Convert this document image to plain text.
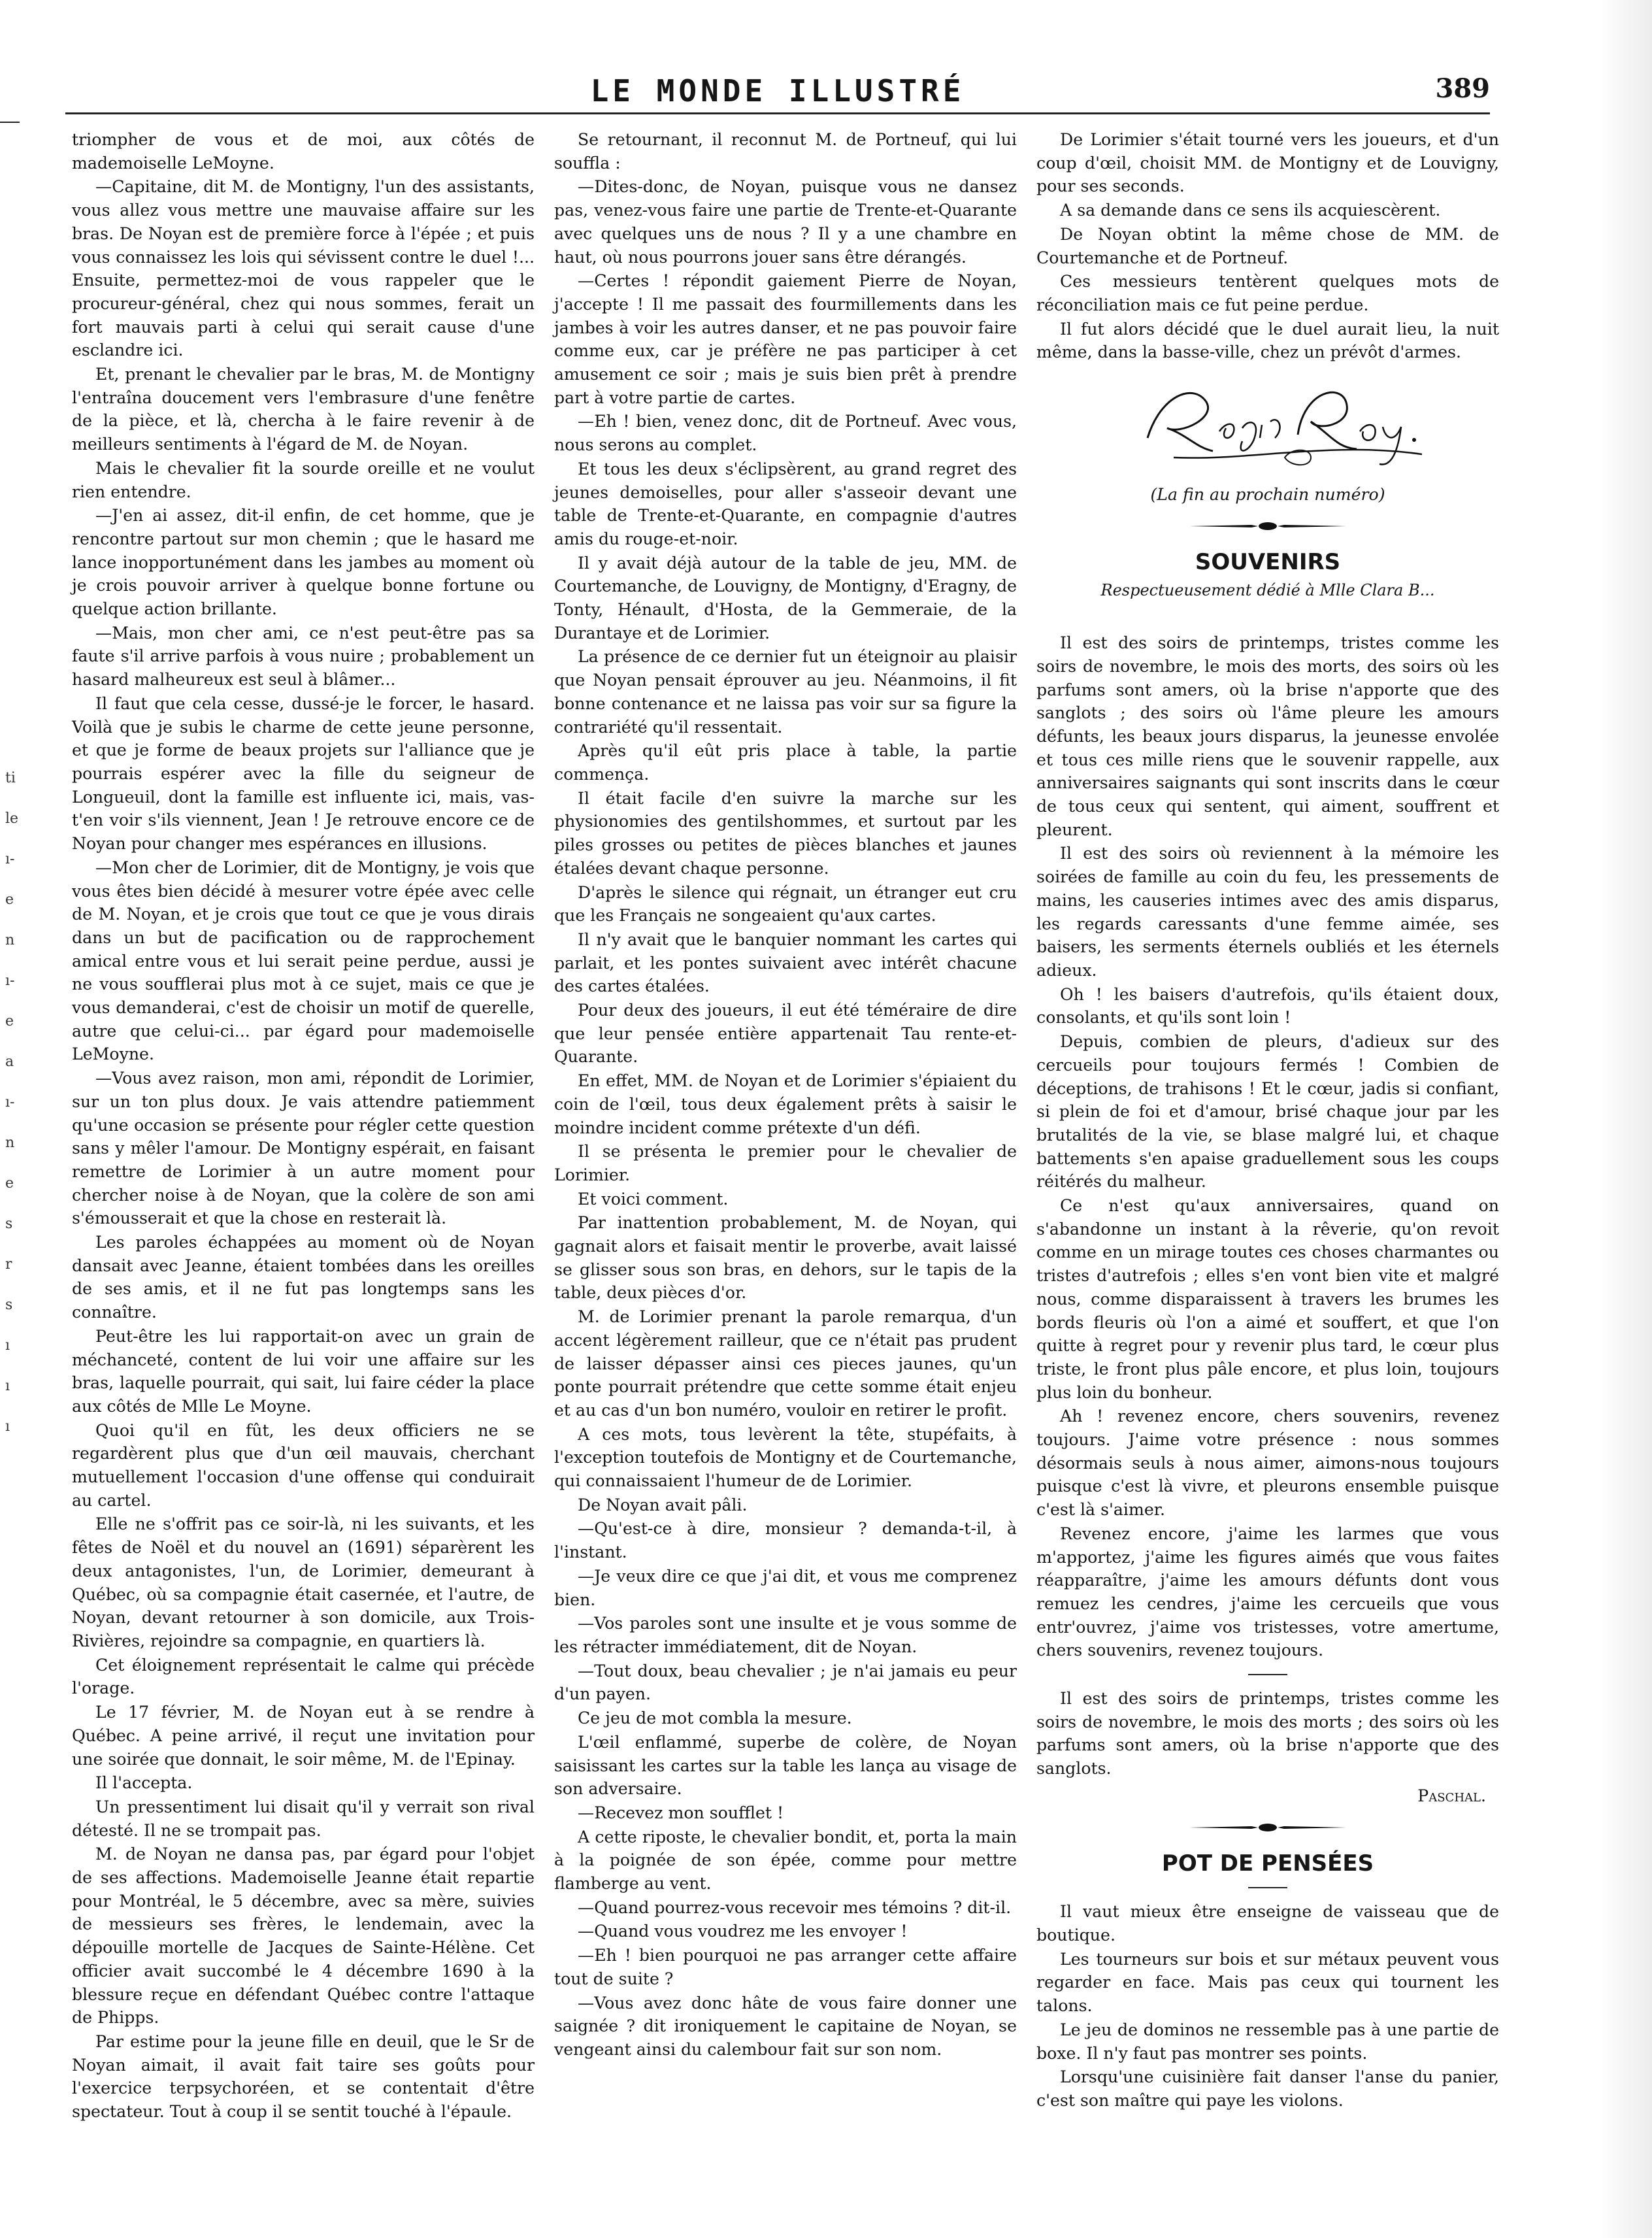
LE MONDE ILLUSTRÉ	389
ti
le
ı-
e
n
ı-
e
a
ı-
n
e
s
r
s
ı
ı
ı

triompher de vous et de moi, aux côtés de mademoiselle LeMoyne.

—Capitaine, dit M. de Montigny, l'un des assistants, vous allez vous mettre une mauvaise affaire sur les bras. De Noyan est de première force à l'épée ; et puis vous connaissez les lois qui sévissent contre le duel !... Ensuite, permettez-moi de vous rappeler que le procureur-général, chez qui nous sommes, ferait un fort mauvais parti à celui qui serait cause d'une esclandre ici.

Et, prenant le chevalier par le bras, M. de Montigny l'entraîna doucement vers l'embrasure d'une fenêtre de la pièce, et là, chercha à le faire revenir à de meilleurs sentiments à l'égard de M. de Noyan.

Mais le chevalier fit la sourde oreille et ne voulut rien entendre.

—J'en ai assez, dit-il enfin, de cet homme, que je rencontre partout sur mon chemin ; que le hasard me lance inopportunément dans les jambes au moment où je crois pouvoir arriver à quelque bonne fortune ou quelque action brillante.

—Mais, mon cher ami, ce n'est peut-être pas sa faute s'il arrive parfois à vous nuire ; probablement un hasard malheureux est seul à blâmer...

Il faut que cela cesse, dussé-je le forcer, le hasard. Voilà que je subis le charme de cette jeune personne, et que je forme de beaux projets sur l'alliance que je pourrais espérer avec la fille du seigneur de Longueuil, dont la famille est influente ici, mais, vas-t'en voir s'ils viennent, Jean ! Je retrouve encore ce de Noyan pour changer mes espérances en illusions.

—Mon cher de Lorimier, dit de Montigny, je vois que vous êtes bien décidé à mesurer votre épée avec celle de M. Noyan, et je crois que tout ce que je vous dirais dans un but de pacification ou de rapprochement amical entre vous et lui serait peine perdue, aussi je ne vous soufflerai plus mot à ce sujet, mais ce que je vous demanderai, c'est de choisir un motif de querelle, autre que celui-ci... par égard pour mademoiselle LeMoyne.

—Vous avez raison, mon ami, répondit de Lorimier, sur un ton plus doux. Je vais attendre patiemment qu'une occasion se présente pour régler cette question sans y mêler l'amour. De Montigny espérait, en faisant remettre de Lorimier à un autre moment pour chercher noise à de Noyan, que la colère de son ami s'émousserait et que la chose en resterait là.

Les paroles échappées au moment où de Noyan dansait avec Jeanne, étaient tombées dans les oreilles de ses amis, et il ne fut pas longtemps sans les connaître.

Peut-être les lui rapportait-on avec un grain de méchanceté, content de lui voir une affaire sur les bras, laquelle pourrait, qui sait, lui faire céder la place aux côtés de Mlle Le Moyne.

Quoi qu'il en fût, les deux officiers ne se regardèrent plus que d'un œil mauvais, cherchant mutuellement l'occasion d'une offense qui conduirait au cartel.

Elle ne s'offrit pas ce soir-là, ni les suivants, et les fêtes de Noël et du nouvel an (1691) séparèrent les deux antagonistes, l'un, de Lorimier, demeurant à Québec, où sa compagnie était casernée, et l'autre, de Noyan, devant retourner à son domicile, aux Trois-Rivières, rejoindre sa compagnie, en quartiers là.

Cet éloignement représentait le calme qui précède l'orage.

Le 17 février, M. de Noyan eut à se rendre à Québec. A peine arrivé, il reçut une invitation pour une soirée que donnait, le soir même, M. de l'Epinay.

Il l'accepta.

Un pressentiment lui disait qu'il y verrait son rival détesté. Il ne se trompait pas.

M. de Noyan ne dansa pas, par égard pour l'objet de ses affections. Mademoiselle Jeanne était repartie pour Montréal, le 5 décembre, avec sa mère, suivies de messieurs ses frères, le lendemain, avec la dépouille mortelle de Jacques de Sainte-Hélène. Cet officier avait succombé le 4 décembre 1690 à la blessure reçue en défendant Québec contre l'attaque de Phipps.

Par estime pour la jeune fille en deuil, que le Sr de Noyan aimait, il avait fait taire ses goûts pour l'exercice terpsychoréen, et se contentait d'être spectateur. Tout à coup il se sentit touché à l'épaule.

Se retournant, il reconnut M. de Portneuf, qui lui souffla :

—Dites-donc, de Noyan, puisque vous ne dansez pas, venez-vous faire une partie de Trente-et-Quarante avec quelques uns de nous ? Il y a une chambre en haut, où nous pourrons jouer sans être dérangés.

—Certes ! répondit gaiement Pierre de Noyan, j'accepte ! Il me passait des fourmillements dans les jambes à voir les autres danser, et ne pas pouvoir faire comme eux, car je préfère ne pas participer à cet amusement ce soir ; mais je suis bien prêt à prendre part à votre partie de cartes.

—Eh ! bien, venez donc, dit de Portneuf. Avec vous, nous serons au complet.

Et tous les deux s'éclipsèrent, au grand regret des jeunes demoiselles, pour aller s'asseoir devant une table de Trente-et-Quarante, en compagnie d'autres amis du rouge-et-noir.

Il y avait déjà autour de la table de jeu, MM. de Courtemanche, de Louvigny, de Montigny, d'Eragny, de Tonty, Hénault, d'Hosta, de la Gemmeraie, de la Durantaye et de Lorimier.

La présence de ce dernier fut un éteignoir au plaisir que Noyan pensait éprouver au jeu. Néanmoins, il fit bonne contenance et ne laissa pas voir sur sa figure la contrariété qu'il ressentait.

Après qu'il eût pris place à table, la partie commença.

Il était facile d'en suivre la marche sur les physionomies des gentilshommes, et surtout par les piles grosses ou petites de pièces blanches et jaunes étalées devant chaque personne.

D'après le silence qui régnait, un étranger eut cru que les Français ne songeaient qu'aux cartes.

Il n'y avait que le banquier nommant les cartes qui parlait, et les pontes suivaient avec intérêt chacune des cartes étalées.

Pour deux des joueurs, il eut été téméraire de dire que leur pensée entière appartenait Tau rente-et-Quarante.

En effet, MM. de Noyan et de Lorimier s'épiaient du coin de l'œil, tous deux également prêts à saisir le moindre incident comme prétexte d'un défi.

Il se présenta le premier pour le chevalier de Lorimier.

Et voici comment.

Par inattention probablement, M. de Noyan, qui gagnait alors et faisait mentir le proverbe, avait laissé se glisser sous son bras, en dehors, sur le tapis de la table, deux pièces d'or.

M. de Lorimier prenant la parole remarqua, d'un accent légèrement railleur, que ce n'était pas prudent de laisser dépasser ainsi ces pieces jaunes, qu'un ponte pourrait prétendre que cette somme était enjeu et au cas d'un bon numéro, vouloir en retirer le profit.

A ces mots, tous levèrent la tête, stupéfaits, à l'exception toutefois de Montigny et de Courtemanche, qui connaissaient l'humeur de de Lorimier.

De Noyan avait pâli.

—Qu'est-ce à dire, monsieur ? demanda-t-il, à l'instant.

—Je veux dire ce que j'ai dit, et vous me comprenez bien.

—Vos paroles sont une insulte et je vous somme de les rétracter immédiatement, dit de Noyan.

—Tout doux, beau chevalier ; je n'ai jamais eu peur d'un payen.

Ce jeu de mot combla la mesure.

L'œil enflammé, superbe de colère, de Noyan saisissant les cartes sur la table les lança au visage de son adversaire.

—Recevez mon soufflet !

A cette riposte, le chevalier bondit, et, porta la main à la poignée de son épée, comme pour mettre flamberge au vent.

—Quand pourrez-vous recevoir mes témoins ? dit-il.

—Quand vous voudrez me les envoyer !

—Eh ! bien pourquoi ne pas arranger cette affaire tout de suite ?

—Vous avez donc hâte de vous faire donner une saignée ? dit ironiquement le capitaine de Noyan, se vengeant ainsi du calembour fait sur son nom.

De Lorimier s'était tourné vers les joueurs, et d'un coup d'œil, choisit MM. de Montigny et de Louvigny, pour ses seconds.

A sa demande dans ce sens ils acquiescèrent.

De Noyan obtint la même chose de MM. de Courtemanche et de Portneuf.

Ces messieurs tentèrent quelques mots de réconciliation mais ce fut peine perdue.

Il fut alors décidé que le duel aurait lieu, la nuit même, dans la basse-ville, chez un prévôt d'armes.

(La fin au prochain numéro)

SOUVENIRS
Respectueusement dédié à Mlle Clara B...

Il est des soirs de printemps, tristes comme les soirs de novembre, le mois des morts, des soirs où les parfums sont amers, où la brise n'apporte que des sanglots ; des soirs où l'âme pleure les amours défunts, les beaux jours disparus, la jeunesse envolée et tous ces mille riens que le souvenir rappelle, aux anniversaires saignants qui sont inscrits dans le cœur de tous ceux qui sentent, qui aiment, souffrent et pleurent.

Il est des soirs où reviennent à la mémoire les soirées de famille au coin du feu, les pressements de mains, les causeries intimes avec des amis disparus, les regards caressants d'une femme aimée, ses baisers, les serments éternels oubliés et les éternels adieux.

Oh ! les baisers d'autrefois, qu'ils étaient doux, consolants, et qu'ils sont loin !

Depuis, combien de pleurs, d'adieux sur des cercueils pour toujours fermés ! Combien de déceptions, de trahisons ! Et le cœur, jadis si confiant, si plein de foi et d'amour, brisé chaque jour par les brutalités de la vie, se blase malgré lui, et chaque battements s'en apaise graduellement sous les coups réitérés du malheur.

Ce n'est qu'aux anniversaires, quand on s'abandonne un instant à la rêverie, qu'on revoit comme en un mirage toutes ces choses charmantes ou tristes d'autrefois ; elles s'en vont bien vite et malgré nous, comme disparaissent à travers les brumes les bords fleuris où l'on a aimé et souffert, et que l'on quitte à regret pour y revenir plus tard, le cœur plus triste, le front plus pâle encore, et plus loin, toujours plus loin du bonheur.

Ah ! revenez encore, chers souvenirs, revenez toujours. J'aime votre présence : nous sommes désormais seuls à nous aimer, aimons-nous toujours puisque c'est là vivre, et pleurons ensemble puisque c'est là s'aimer.

Revenez encore, j'aime les larmes que vous m'apportez, j'aime les figures aimés que vous faites réapparaître, j'aime les amours défunts dont vous remuez les cendres, j'aime les cercueils que vous entr'ouvrez, j'aime vos tristesses, votre amertume, chers souvenirs, revenez toujours.

Il est des soirs de printemps, tristes comme les soirs de novembre, le mois des morts ; des soirs où les parfums sont amers, où la brise n'apporte que des sanglots.

Paschal.
POT DE PENSÉES

Il vaut mieux être enseigne de vaisseau que de boutique.

Les tourneurs sur bois et sur métaux peuvent vous regarder en face. Mais pas ceux qui tournent les talons.

Le jeu de dominos ne ressemble pas à une partie de boxe. Il n'y faut pas montrer ses points.

Lorsqu'une cuisinière fait danser l'anse du panier, c'est son maître qui paye les violons.
